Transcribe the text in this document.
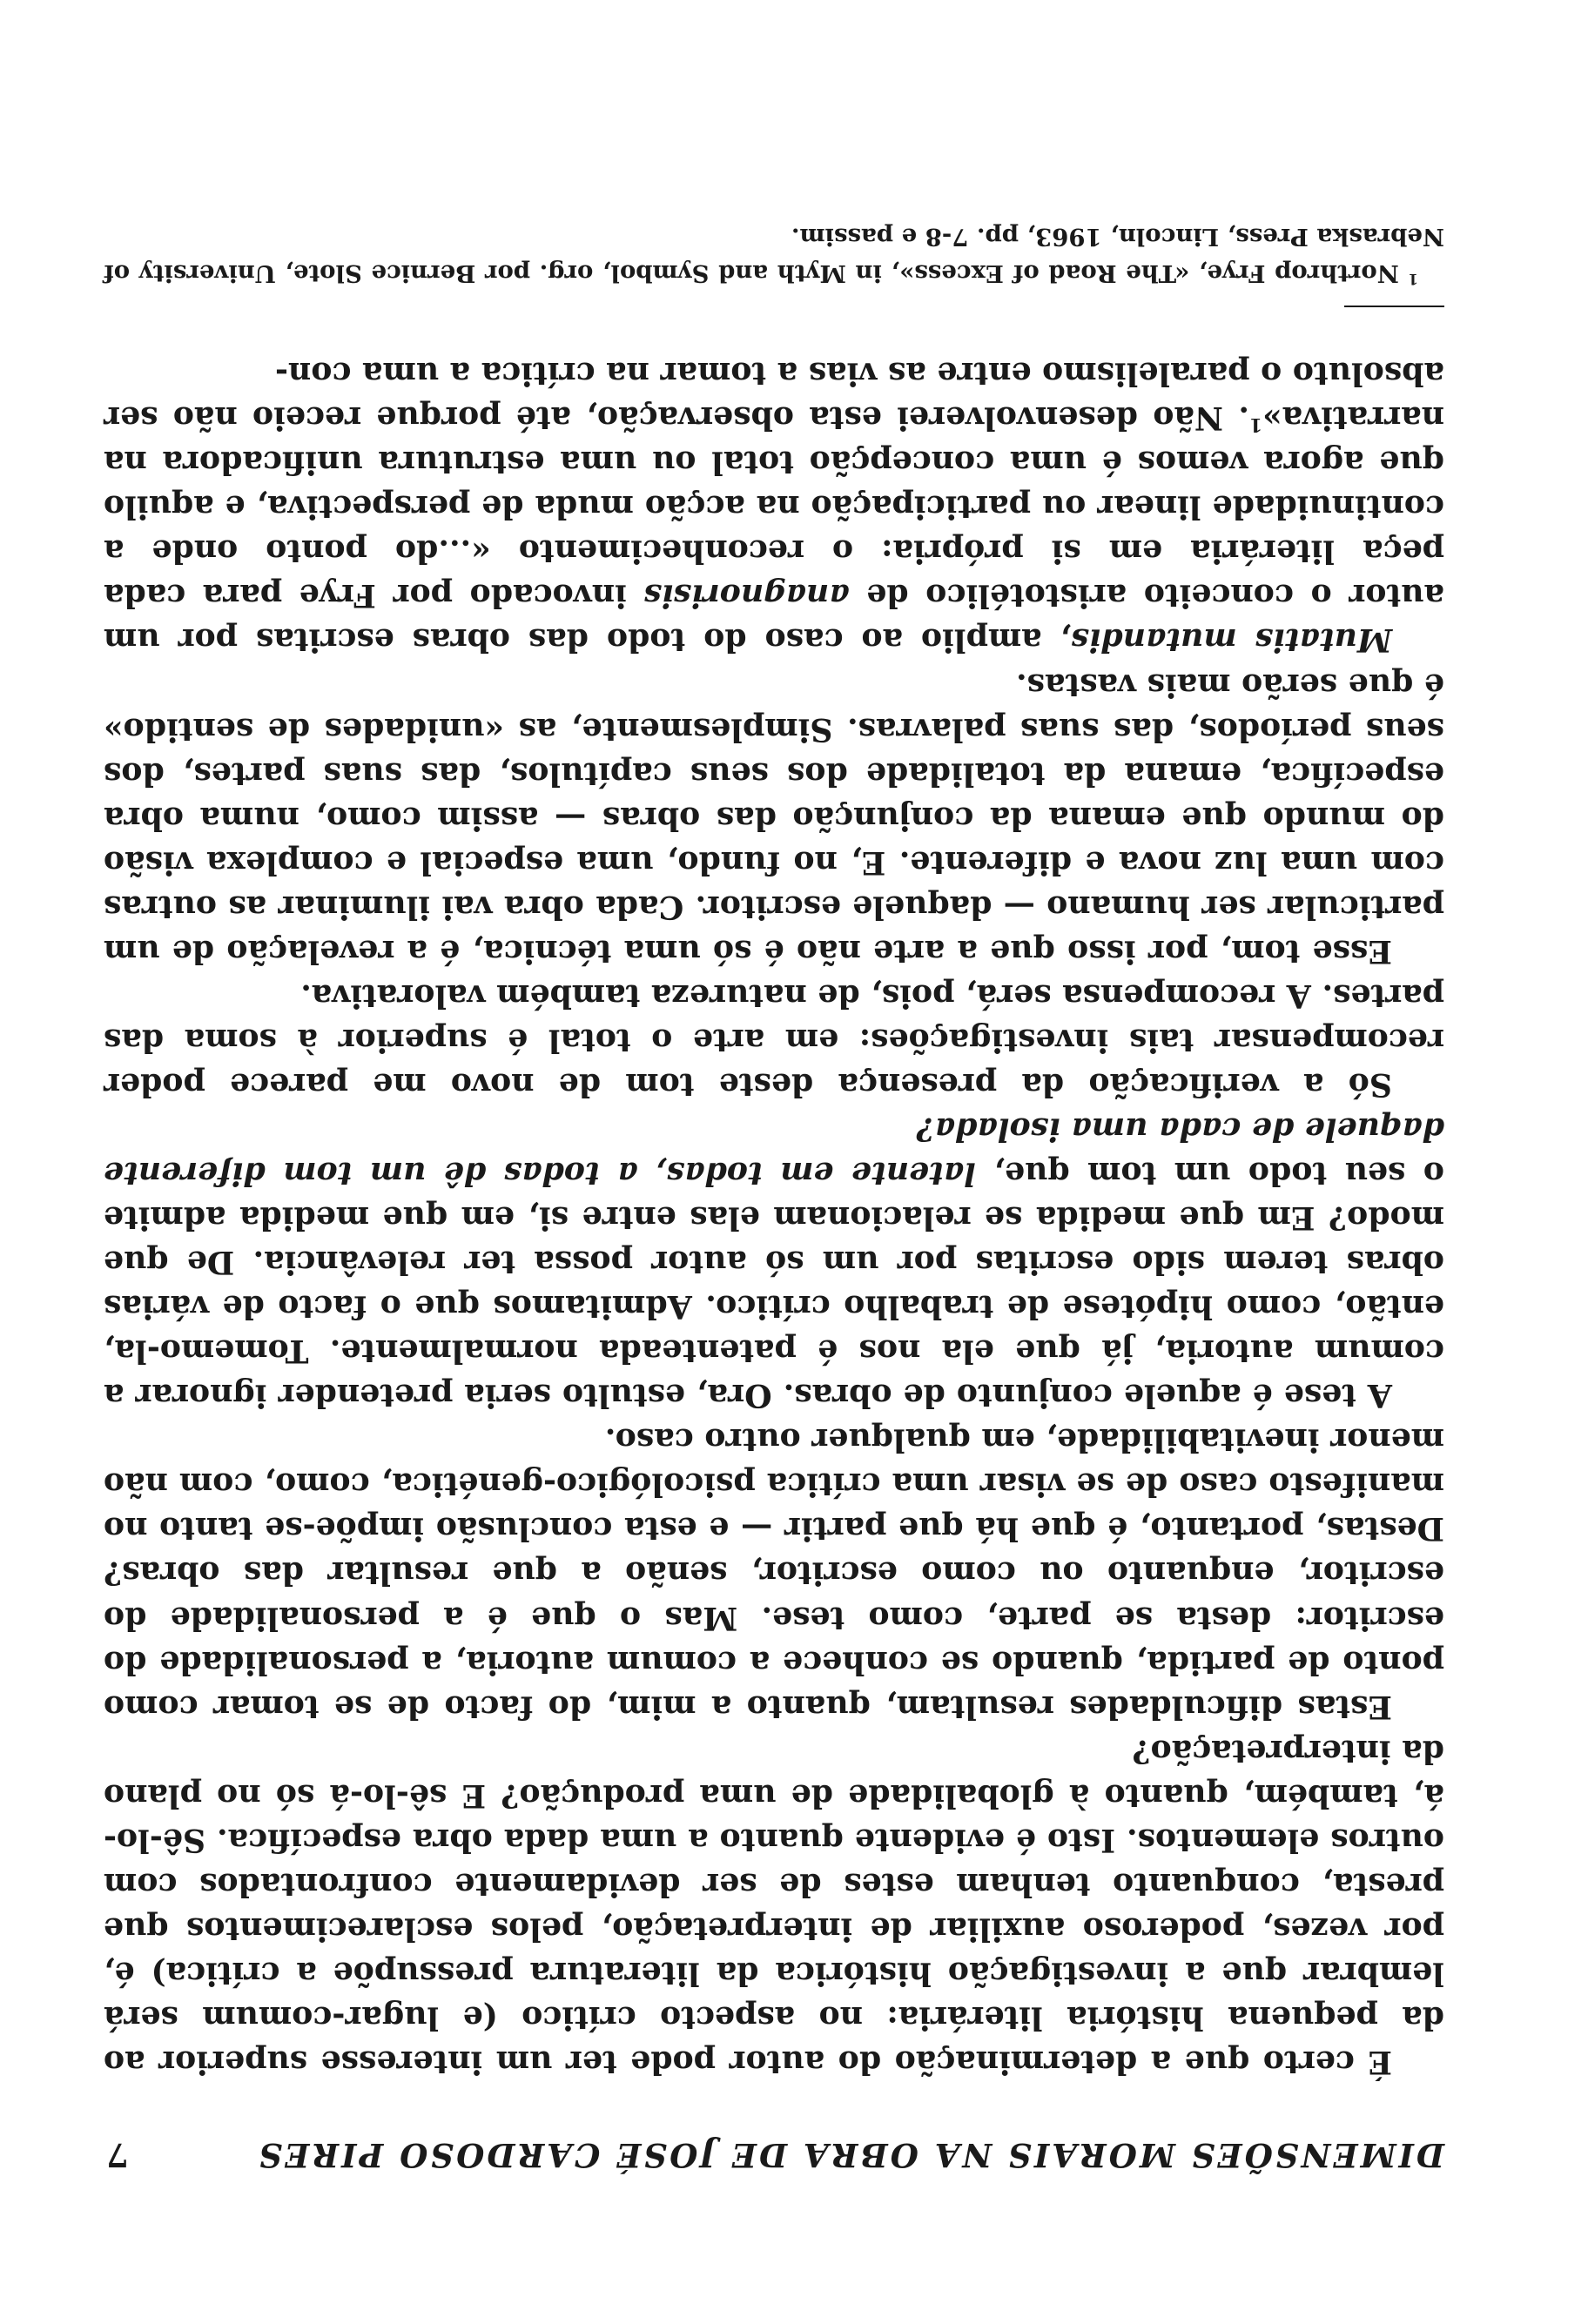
DIMENSÕES MORAIS NA OBRA DE JOSÉ CARDOSO PIRES
7

É certo que a determinação do autor pode ter um interesse superior ao da pequena história literária: no aspecto crítico (e lugar-comum será lembrar que a investigação histórica da literatura pressupõe a crítica) é, por vezes, poderoso auxiliar de interpretação, pelos esclarecimentos que presta, conquanto tenham estes de ser devidamente confrontados com outros elementos. Isto é evidente quanto a uma dada obra específica. Sê-lo-á, também, quanto à globalidade de uma produção? E sê-lo-á só no plano da interpretação?

Estas dificuldades resultam, quanto a mim, do facto de se tomar como ponto de partida, quando se conhece a comum autoria, a personalidade do escritor: desta se parte, como tese. Mas o que é a personalidade do escritor, enquanto ou como escritor, senão a que resultar das obras? Destas, portanto, é que há que partir — e esta conclusão impõe-se tanto no manifesto caso de se visar uma crítica psicológico-genética, como, com não menor inevitabilidade, em qualquer outro caso.

A tese é aquele conjunto de obras. Ora, estulto seria pretender ignorar a comum autoria, já que ela nos é patenteada normalmente. Tomemo-la, então, como hipótese de trabalho crítico. Admitamos que o facto de várias obras terem sido escritas por um só autor possa ter relevância. De que modo? Em que medida se relacionam elas entre si, em que medida admite o seu todo um tom que, latente em todas, a todas dê um tom diferente daquele de cada uma isolada?

Só a verificação da presença deste tom de novo me parece poder recompensar tais investigações: em arte o total é superior à soma das partes. A recompensa será, pois, de natureza também valorativa.

Esse tom, por isso que a arte não é só uma técnica, é a revelação de um particular ser humano — daquele escritor. Cada obra vai iluminar as outras com uma luz nova e diferente. E, no fundo, uma especial e complexa visão do mundo que emana da conjunção das obras — assim como, numa obra específica, emana da totalidade dos seus capítulos, das suas partes, dos seus períodos, das suas palavras. Simplesmente, as «unidades de sentido» é que serão mais vastas.

Mutatis mutandis, amplio ao caso do todo das obras escritas por um autor o conceito aristotélico de anagnorisis invocado por Frye para cada peça literária em si própria: o reconhecimento «...do ponto onde a continuidade linear ou participação na acção muda de perspectiva, e aquilo que agora vemos é uma concepção total ou uma estrutura unificadora na narrativa»$^1$. Não desenvolverei esta observação, até porque receio não ser absoluto o paralelismo entre as vias a tomar na crítica a uma con-

$^1$ Northrop Frye, «The Road of Excess», in Myth and Symbol, org. por Bernice Slote, University of Nebraska Press, Lincoln, 1963, pp. 7-8 e passim.
